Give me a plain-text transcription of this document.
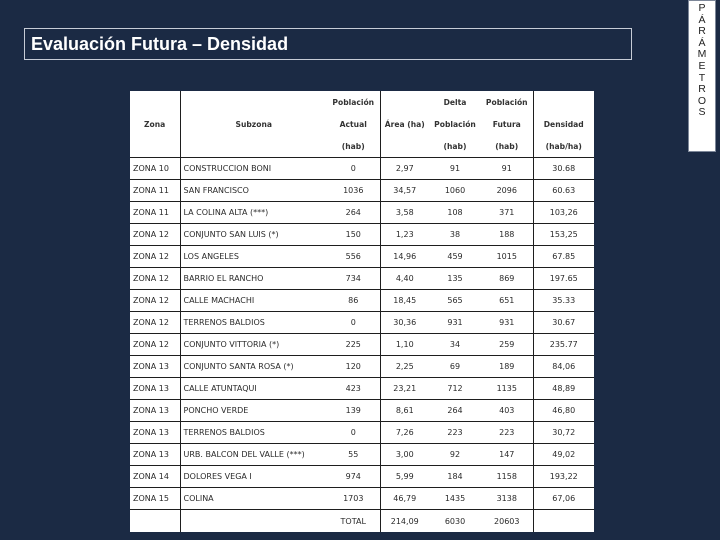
Evaluación Futura – Densidad
P
Á
R
Á
M
E
T
R
O
S
		Población		Delta	Población	
Zona	Subzona	Actual	Área (ha)	Población	Futura	Densidad
		(hab)		(hab)	(hab)	(hab/ha)
ZONA 10	CONSTRUCCION BONI	0	2,97	91	91	30.68
ZONA 11	SAN FRANCISCO	1036	34,57	1060	2096	60.63
ZONA 11	LA COLINA ALTA (***)	264	3,58	108	371	103,26
ZONA 12	CONJUNTO SAN LUIS (*)	150	1,23	38	188	153,25
ZONA 12	LOS ANGELES	556	14,96	459	1015	67.85
ZONA 12	BARRIO EL RANCHO	734	4,40	135	869	197.65
ZONA 12	CALLE MACHACHI	86	18,45	565	651	35.33
ZONA 12	TERRENOS BALDIOS	0	30,36	931	931	30.67
ZONA 12	CONJUNTO VITTORIA (*)	225	1,10	34	259	235.77
ZONA 13	CONJUNTO SANTA ROSA (*)	120	2,25	69	189	84,06
ZONA 13	CALLE ATUNTAQUI	423	23,21	712	1135	48,89
ZONA 13	PONCHO VERDE	139	8,61	264	403	46,80
ZONA 13	TERRENOS BALDIOS	0	7,26	223	223	30,72
ZONA 13	URB. BALCON DEL VALLE (***)	55	3,00	92	147	49,02
ZONA 14	DOLORES VEGA I	974	5,99	184	1158	193,22
ZONA 15	COLINA	1703	46,79	1435	3138	67,06
		TOTAL	214,09	6030	20603	
